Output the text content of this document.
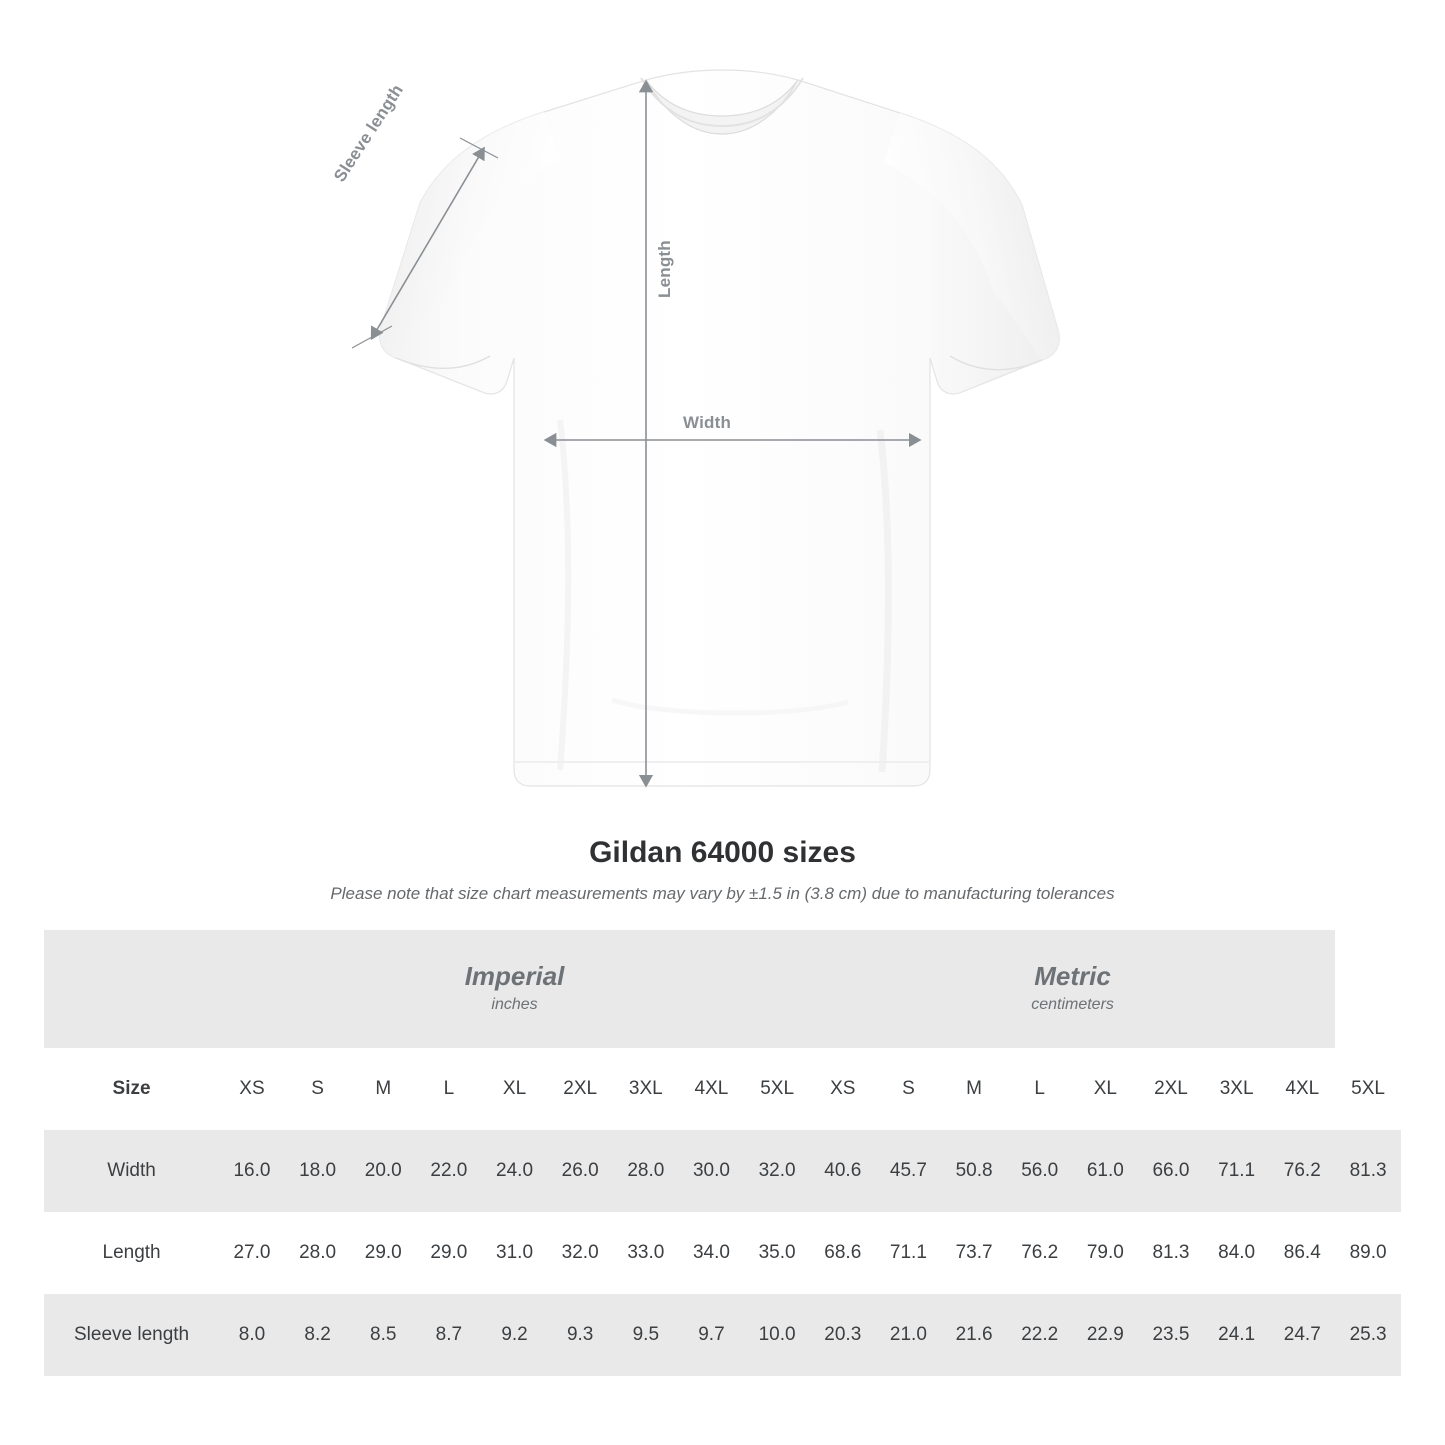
Sleeve length
Length
Width
Gildan 64000 sizes

Please note that size chart measurements may vary by ±1.5 in (3.8 cm) due to manufacturing tolerances

Imperial
inches

Metric
centimeters

Size	XS	S	M	L	XL	2XL	3XL	4XL	5XL	XS	S	M	L	XL	2XL	3XL	4XL	5XL
Width	16.0	18.0	20.0	22.0	24.0	26.0	28.0	30.0	32.0	40.6	45.7	50.8	56.0	61.0	66.0	71.1	76.2	81.3
Length	27.0	28.0	29.0	29.0	31.0	32.0	33.0	34.0	35.0	68.6	71.1	73.7	76.2	79.0	81.3	84.0	86.4	89.0
Sleeve length	8.0	8.2	8.5	8.7	9.2	9.3	9.5	9.7	10.0	20.3	21.0	21.6	22.2	22.9	23.5	24.1	24.7	25.3
